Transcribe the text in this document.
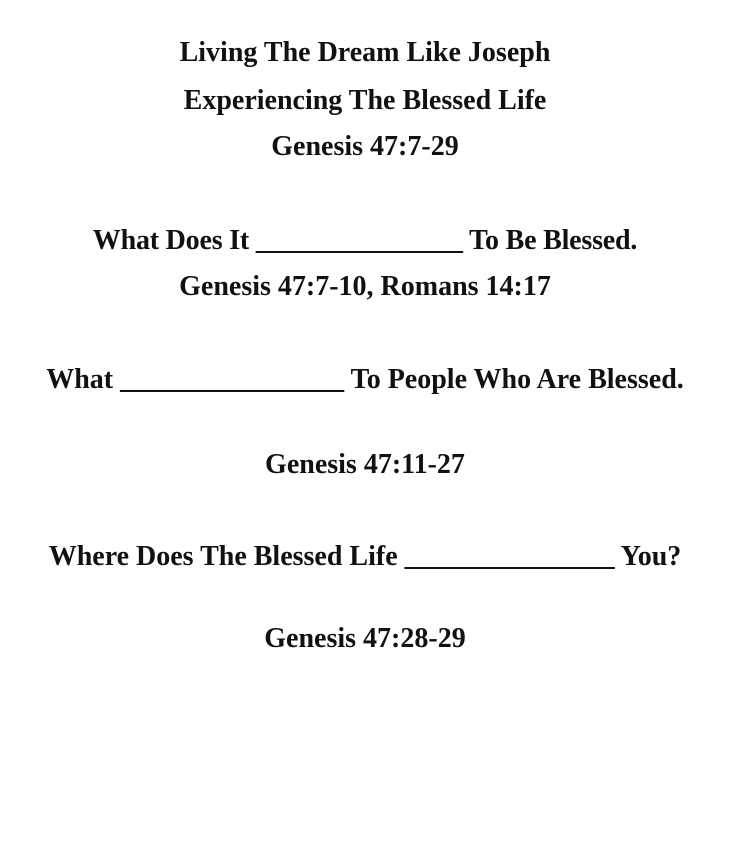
Living The Dream Like Joseph
Experiencing The Blessed Life
Genesis 47:7-29
What Does It _______________ To Be Blessed.
Genesis 47:7-10, Romans 14:17
What ________________ To People Who Are Blessed.
Genesis 47:11-27
Where Does The Blessed Life _______________ You?
Genesis 47:28-29
